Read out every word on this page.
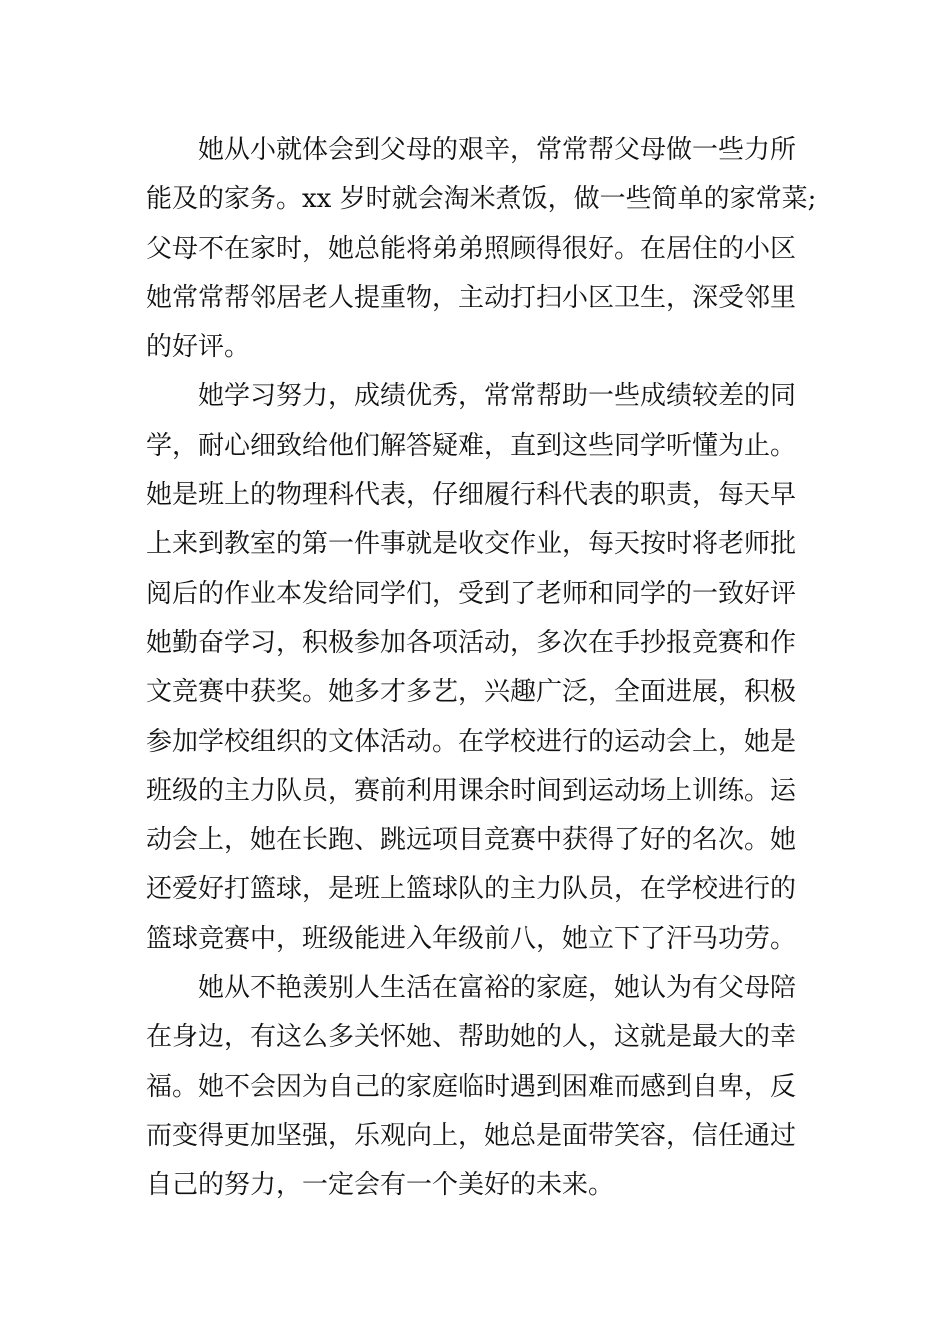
她从小就体会到父母的艰辛，常常帮父母做一些力所
能及的家务。xx 岁时就会淘米煮饭，做一些简单的家常菜;
父母不在家时，她总能将弟弟照顾得很好。在居住的小区
她常常帮邻居老人提重物，主动打扫小区卫生，深受邻里
的好评。
她学习努力，成绩优秀，常常帮助一些成绩较差的同
学，耐心细致给他们解答疑难，直到这些同学听懂为止。
她是班上的物理科代表，仔细履行科代表的职责，每天早
上来到教室的第一件事就是收交作业，每天按时将老师批
阅后的作业本发给同学们，受到了老师和同学的一致好评
她勤奋学习，积极参加各项活动，多次在手抄报竞赛和作
文竞赛中获奖。她多才多艺，兴趣广泛，全面进展，积极
参加学校组织的文体活动。在学校进行的运动会上，她是
班级的主力队员，赛前利用课余时间到运动场上训练。运
动会上，她在长跑、跳远项目竞赛中获得了好的名次。她
还爱好打篮球，是班上篮球队的主力队员，在学校进行的
篮球竞赛中，班级能进入年级前八，她立下了汗马功劳。
她从不艳羡别人生活在富裕的家庭，她认为有父母陪
在身边，有这么多关怀她、帮助她的人，这就是最大的幸
福。她不会因为自己的家庭临时遇到困难而感到自卑，反
而变得更加坚强，乐观向上，她总是面带笑容，信任通过
自己的努力，一定会有一个美好的未来。
